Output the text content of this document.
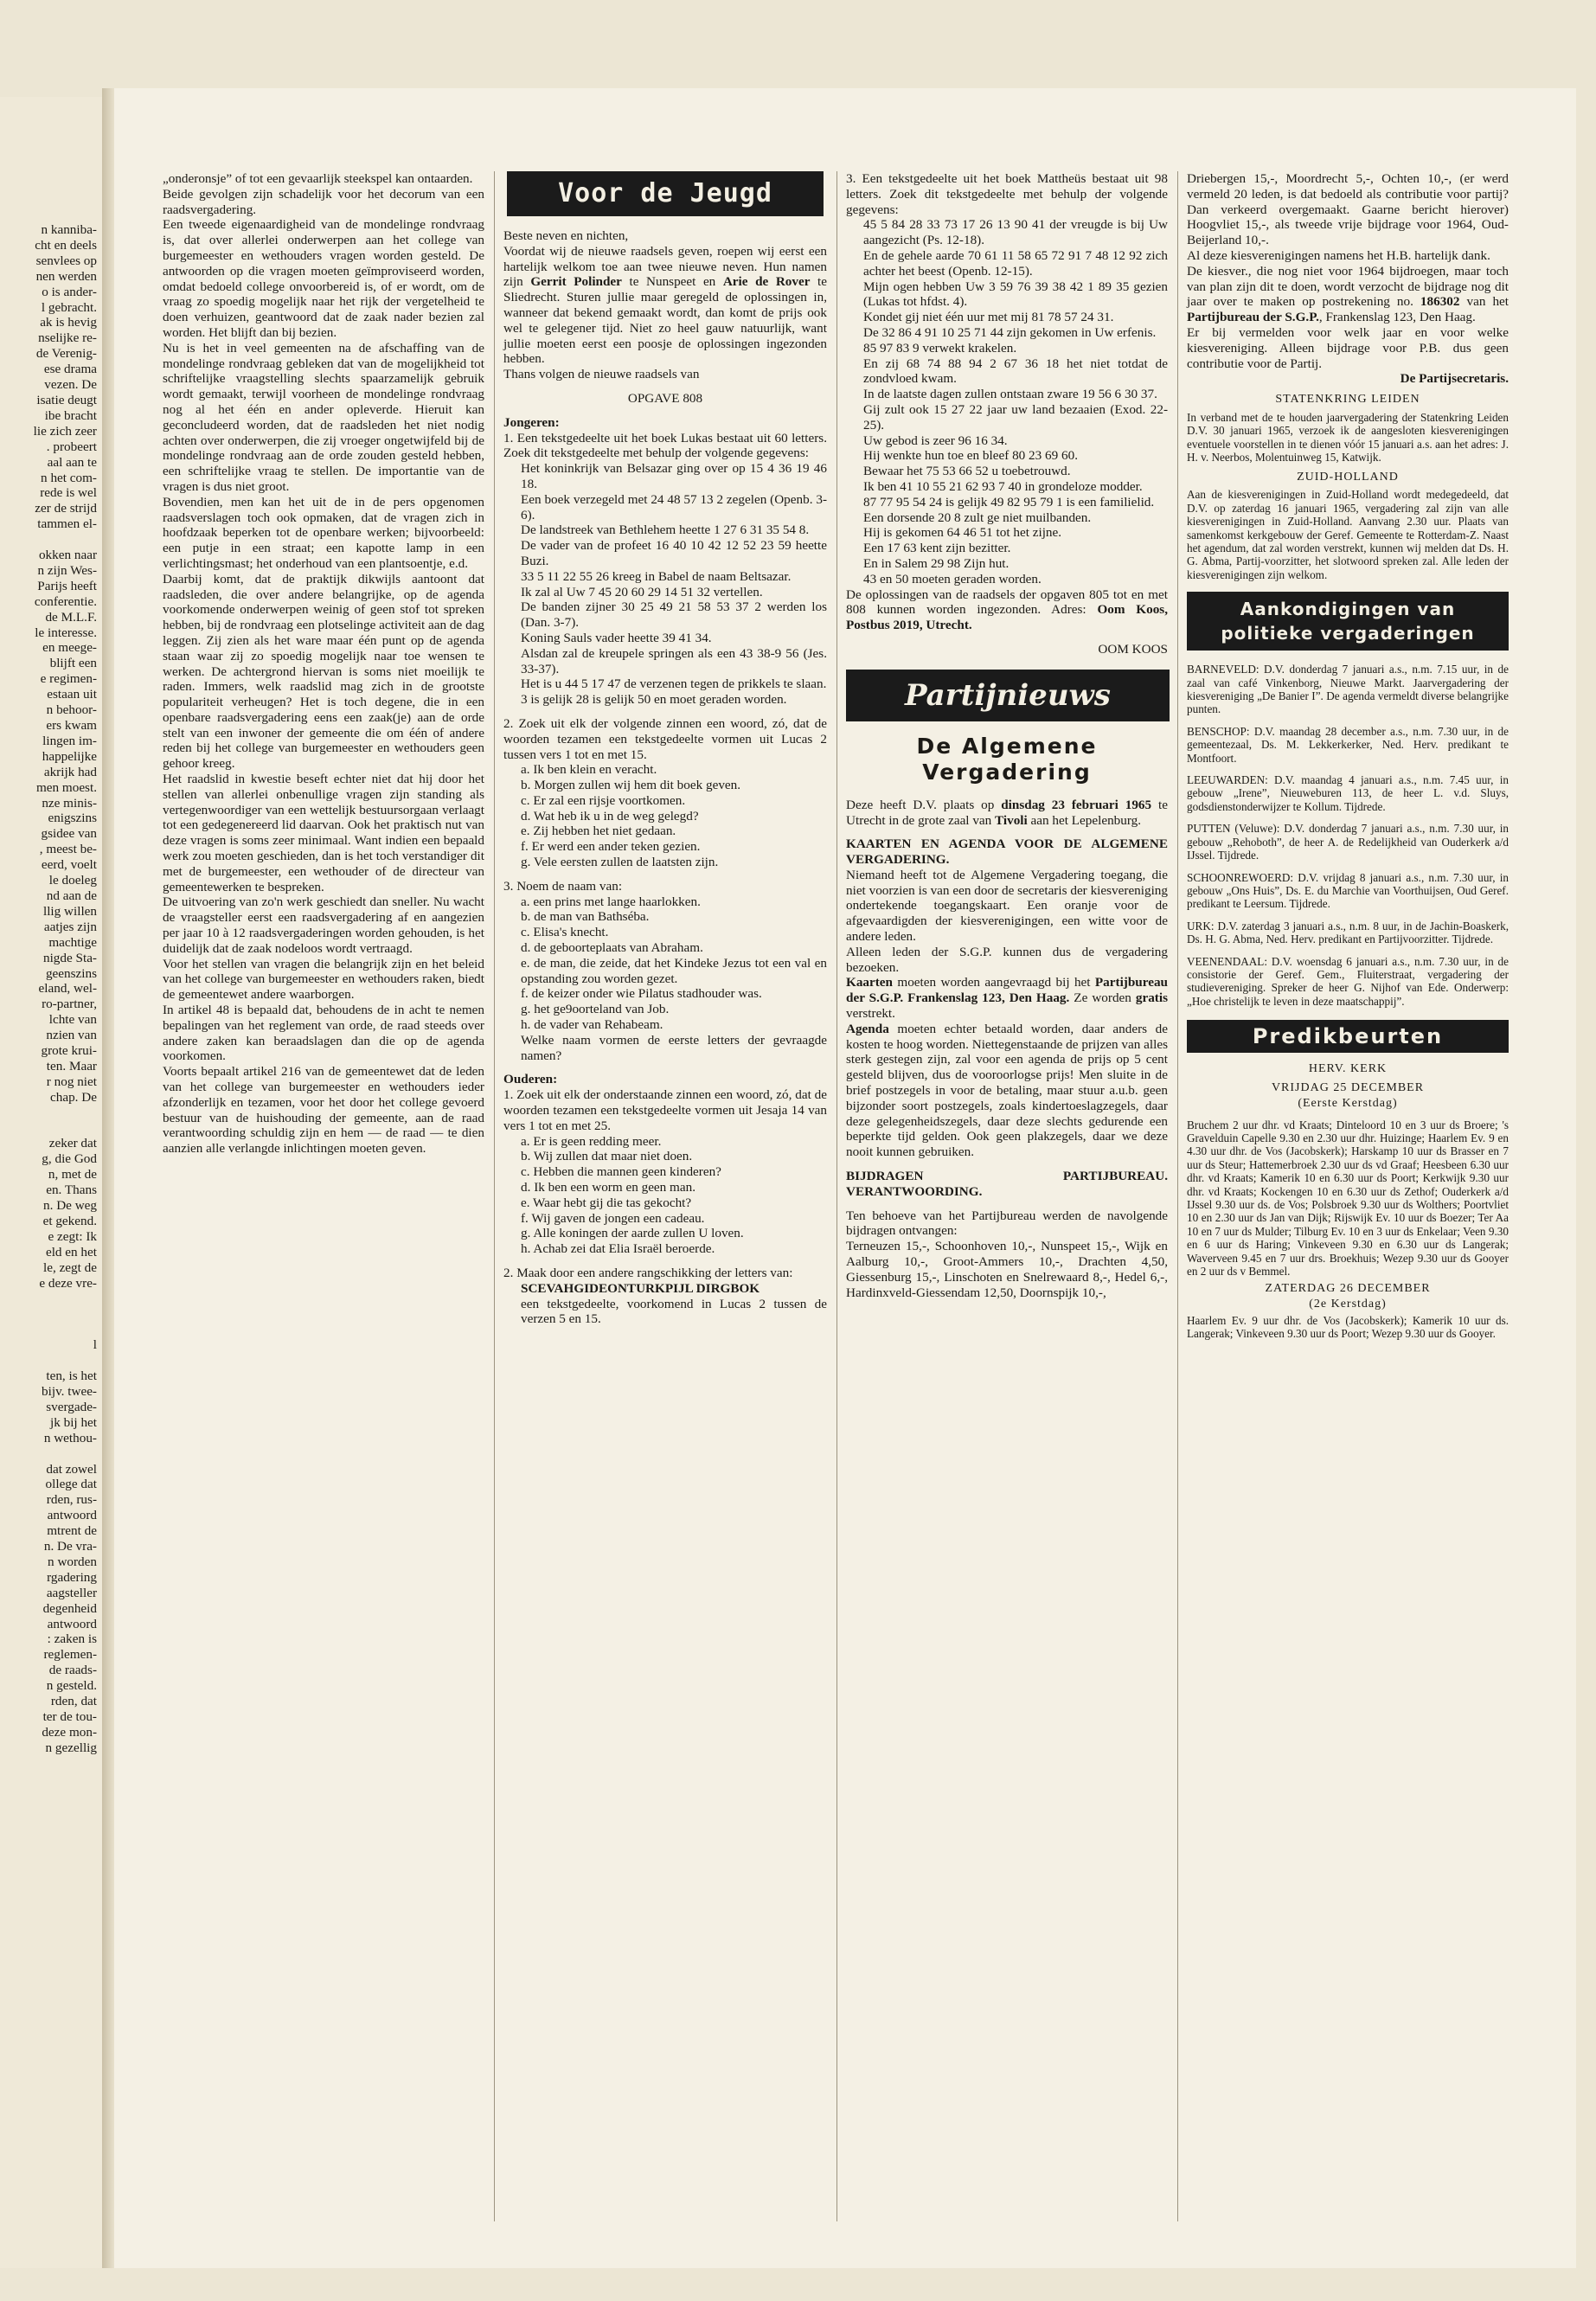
n kanniba-
cht en deels
senvlees op
nen werden
o is ander-
l gebracht.
ak is hevig
nselijke re-
de Verenig-
ese drama
vezen. De
isatie deugt
ibe bracht
lie zich zeer
. probeert
aal aan te
n het com-
rede is wel
zer de strijd
tammen el-

okken naar
n zijn Wes-
Parijs heeft
conferentie.
de M.L.F.
le interesse.
en meege-
blijft een
e regimen-
estaan uit
n behoor-
ers kwam
lingen im-
happelijke
akrijk had
men moest.
nze minis-
enigszins
gsidee van
, meest be-
eerd, voelt
le doeleg
nd aan de
llig willen
aatjes zijn
machtige
nigde Sta-
geenszins
eland, wel-
ro-partner,
lchte van
nzien van
grote krui-
ten. Maar
r nog niet
chap. De

zeker dat
g, die God
n, met de
en. Thans
n. De weg
et gekend.
e zegt: Ik
eld en het
le, zegt de
e deze vre-

l

ten, is het
bijv. twee-
svergade-
jk bij het
n wethou-

dat zowel
ollege dat
rden, rus-
antwoord
mtrent de
n. De vra-
n worden
rgadering
aagsteller
degenheid
antwoord
: zaken is
reglemen-
de raads-
n gesteld.
rden, dat
ter de tou-
deze mon-
n gezellig

„onderonsje” of tot een gevaarlijk steekspel kan ontaarden.

Beide gevolgen zijn schadelijk voor het decorum van een raadsvergadering.

Een tweede eigenaardigheid van de mondelinge rondvraag is, dat over allerlei onderwerpen aan het college van burgemeester en wethouders vragen worden gesteld. De antwoorden op die vragen moeten geïmproviseerd worden, omdat bedoeld college onvoorbereid is, of er wordt, om de vraag zo spoedig mogelijk naar het rijk der vergetelheid te doen verhuizen, geantwoord dat de zaak nader bezien zal worden. Het blijft dan bij bezien.

Nu is het in veel gemeenten na de afschaffing van de mondelinge rondvraag gebleken dat van de mogelijkheid tot schriftelijke vraagstelling slechts spaarzamelijk gebruik wordt gemaakt, terwijl voorheen de mondelinge rondvraag nog al het één en ander opleverde. Hieruit kan geconcludeerd worden, dat de raadsleden het niet nodig achten over onderwerpen, die zij vroeger ongetwijfeld bij de mondelinge rondvraag aan de orde zouden gesteld hebben, een schriftelijke vraag te stellen. De importantie van de vragen is dus niet groot.

Bovendien, men kan het uit de in de pers opgenomen raadsverslagen toch ook opmaken, dat de vragen zich in hoofdzaak beperken tot de openbare werken; bijvoorbeeld: een putje in een straat; een kapotte lamp in een verlichtingsmast; het onderhoud van een plantsoentje, e.d.

Daarbij komt, dat de praktijk dikwijls aantoont dat raadsleden, die over andere belangrijke, op de agenda voorkomende onderwerpen weinig of geen stof tot spreken hebben, bij de rondvraag een plotselinge activiteit aan de dag leggen. Zij zien als het ware maar één punt op de agenda staan waar zij zo spoedig mogelijk naar toe wensen te werken. De achtergrond hiervan is soms niet moeilijk te raden. Immers, welk raadslid mag zich in de grootste populariteit verheugen? Het is toch degene, die in een openbare raadsvergadering eens een zaak(je) aan de orde stelt van een inwoner der gemeente die om één of andere reden bij het college van burgemeester en wethouders geen gehoor kreeg.

Het raadslid in kwestie beseft echter niet dat hij door het stellen van allerlei onbenullige vragen zijn standing als vertegenwoordiger van een wettelijk bestuursorgaan verlaagt tot een gedegenereerd lid daarvan. Ook het praktisch nut van deze vragen is soms zeer minimaal. Want indien een bepaald werk zou moeten geschieden, dan is het toch verstandiger dit met de burgemeester, een wethouder of de directeur van gemeentewerken te bespreken.

De uitvoering van zo'n werk geschiedt dan sneller. Nu wacht de vraagsteller eerst een raadsvergadering af en aangezien per jaar 10 à 12 raadsvergaderingen worden gehouden, is het duidelijk dat de zaak nodeloos wordt vertraagd.

Voor het stellen van vragen die belangrijk zijn en het beleid van het college van burgemeester en wethouders raken, biedt de gemeentewet andere waarborgen.

In artikel 48 is bepaald dat, behoudens de in acht te nemen bepalingen van het reglement van orde, de raad steeds over andere zaken kan beraadslagen dan die op de agenda voorkomen.

Voorts bepaalt artikel 216 van de gemeentewet dat de leden van het college van burgemeester en wethouders ieder afzonderlijk en tezamen, voor het door het college gevoerd bestuur van de huishouding der gemeente, aan de raad verantwoording schuldig zijn en hem — de raad — te dien aanzien alle verlangde inlichtingen moeten geven.

Voor de Jeugd

Beste neven en nichten,

Voordat wij de nieuwe raadsels geven, roepen wij eerst een hartelijk welkom toe aan twee nieuwe neven. Hun namen zijn Gerrit Polinder te Nunspeet en Arie de Rover te Sliedrecht. Sturen jullie maar geregeld de oplossingen in, wanneer dat bekend gemaakt wordt, dan komt de prijs ook wel te gelegener tijd. Niet zo heel gauw natuurlijk, want jullie moeten eerst een poosje de oplossingen ingezonden hebben.

Thans volgen de nieuwe raadsels van

OPGAVE 808

Jongeren:

1. Een tekstgedeelte uit het boek Lukas bestaat uit 60 letters. Zoek dit tekstgedeelte met behulp der volgende gegevens:

Het koninkrijk van Belsazar ging over op 15 4 36 19 46 18.

Een boek verzegeld met 24 48 57 13 2 zegelen (Openb. 3-6).

De landstreek van Bethlehem heette 1 27 6 31 35 54 8.

De vader van de profeet 16 40 10 42 12 52 23 59 heette Buzi.

33 5 11 22 55 26 kreeg in Babel de naam Beltsazar.

Ik zal al Uw 7 45 20 60 29 14 51 32 vertellen.

De banden zijner 30 25 49 21 58 53 37 2 werden los (Dan. 3-7).

Koning Sauls vader heette 39 41 34.

Alsdan zal de kreupele springen als een 43 38-9 56 (Jes. 33-37).

Het is u 44 5 17 47 de verzenen tegen de prikkels te slaan.

3 is gelijk 28 is gelijk 50 en moet geraden worden.

2. Zoek uit elk der volgende zinnen een woord, zó, dat de woorden tezamen een tekstgedeelte vormen uit Lucas 2 tussen vers 1 tot en met 15.

a. Ik ben klein en veracht.

b. Morgen zullen wij hem dit boek geven.

c. Er zal een rijsje voortkomen.

d. Wat heb ik u in de weg gelegd?

e. Zij hebben het niet gedaan.

f. Er werd een ander teken gezien.

g. Vele eersten zullen de laatsten zijn.

3. Noem de naam van:

a. een prins met lange haarlokken.

b. de man van Bathséba.

c. Elisa's knecht.

d. de geboorteplaats van Abraham.

e. de man, die zeide, dat het Kindeke Jezus tot een val en opstanding zou worden gezet.

f. de keizer onder wie Pilatus stadhouder was.

g. het ge9oorteland van Job.

h. de vader van Rehabeam.

Welke naam vormen de eerste letters der gevraagde namen?

Ouderen:

1. Zoek uit elk der onderstaande zinnen een woord, zó, dat de woorden tezamen een tekstgedeelte vormen uit Jesaja 14 van vers 1 tot en met 25.

a. Er is geen redding meer.

b. Wij zullen dat maar niet doen.

c. Hebben die mannen geen kinderen?

d. Ik ben een worm en geen man.

e. Waar hebt gij die tas gekocht?

f. Wij gaven de jongen een cadeau.

g. Alle koningen der aarde zullen U loven.

h. Achab zei dat Elia Israël beroerde.

2. Maak door een andere rangschikking der letters van:

SCEVAHGIDEONTURKPIJL DIRGBOK

een tekstgedeelte, voorkomend in Lucas 2 tussen de verzen 5 en 15.

3. Een tekstgedeelte uit het boek Mattheüs bestaat uit 98 letters. Zoek dit tekstgedeelte met behulp der volgende gegevens:

45 5 84 28 33 73 17 26 13 90 41 der vreugde is bij Uw aangezicht (Ps. 12-18).

En de gehele aarde 70 61 11 58 65 72 91 7 48 12 92 zich achter het beest (Openb. 12-15).

Mijn ogen hebben Uw 3 59 76 39 38 42 1 89 35 gezien (Lukas tot hfdst. 4).

Kondet gij niet één uur met mij 81 78 57 24 31.

De 32 86 4 91 10 25 71 44 zijn gekomen in Uw erfenis.

85 97 83 9 verwekt krakelen.

En zij 68 74 88 94 2 67 36 18 het niet totdat de zondvloed kwam.

In de laatste dagen zullen ontstaan zware 19 56 6 30 37.

Gij zult ook 15 27 22 jaar uw land bezaaien (Exod. 22-25).

Uw gebod is zeer 96 16 34.

Hij wenkte hun toe en bleef 80 23 69 60.

Bewaar het 75 53 66 52 u toebetrouwd.

Ik ben 41 10 55 21 62 93 7 40 in grondeloze modder.

87 77 95 54 24 is gelijk 49 82 95 79 1 is een familielid.

Een dorsende 20 8 zult ge niet muilbanden.

Hij is gekomen 64 46 51 tot het zijne.

Een 17 63 kent zijn bezitter.

En in Salem 29 98 Zijn hut.

43 en 50 moeten geraden worden.

De oplossingen van de raadsels der opgaven 805 tot en met 808 kunnen worden ingezonden. Adres: Oom Koos, Postbus 2019, Utrecht.

OOM KOOS

Partijnieuws
De Algemene Vergadering

Deze heeft D.V. plaats op dinsdag 23 februari 1965 te Utrecht in de grote zaal van Tivoli aan het Lepelenburg.

KAARTEN EN AGENDA VOOR DE ALGEMENE VERGADERING.

Niemand heeft tot de Algemene Vergadering toegang, die niet voorzien is van een door de secretaris der kiesvereniging ondertekende toegangskaart. Een oranje voor de afgevaardigden der kiesverenigingen, een witte voor de andere leden.

Alleen leden der S.G.P. kunnen dus de vergadering bezoeken.

Kaarten moeten worden aangevraagd bij het Partijbureau der S.G.P. Frankenslag 123, Den Haag. Ze worden gratis verstrekt.

Agenda moeten echter betaald worden, daar anders de kosten te hoog worden. Niettegenstaande de prijzen van alles sterk gestegen zijn, zal voor een agenda de prijs op 5 cent gesteld blijven, dus de vooroorlogse prijs! Men sluite in de brief postzegels in voor de betaling, maar stuur a.u.b. geen bijzonder soort postzegels, zoals kindertoeslagzegels, daar deze gelegenheidszegels, daar deze slechts gedurende een beperkte tijd gelden. Ook geen plakzegels, daar we deze nooit kunnen gebruiken.

BIJDRAGEN PARTIJBUREAU. VERANTWOORDING.

Ten behoeve van het Partijbureau werden de navolgende bijdragen ontvangen:

Terneuzen 15,-, Schoonhoven 10,-, Nunspeet 15,-, Wijk en Aalburg 10,-, Groot-Ammers 10,-, Drachten 4,50, Giessenburg 15,-, Linschoten en Snelrewaard 8,-, Hedel 6,-, Hardinxveld-Giessendam 12,50, Doornspijk 10,-,

Driebergen 15,-, Moordrecht 5,-, Ochten 10,-, (er werd vermeld 20 leden, is dat bedoeld als contributie voor partij? Dan verkeerd overgemaakt. Gaarne bericht hierover) Hoogvliet 15,-, als tweede vrije bijdrage voor 1964, Oud-Beijerland 10,-.

Al deze kiesverenigingen namens het H.B. hartelijk dank.

De kiesver., die nog niet voor 1964 bijdroegen, maar toch van plan zijn dit te doen, wordt verzocht de bijdrage nog dit jaar over te maken op postrekening no. 186302 van het Partijbureau der S.G.P., Frankenslag 123, Den Haag.

Er bij vermelden voor welk jaar en voor welke kiesvereniging. Alleen bijdrage voor P.B. dus geen contributie voor de Partij.

De Partijsecretaris.

STATENKRING LEIDEN

In verband met de te houden jaarvergadering der Statenkring Leiden D.V. 30 januari 1965, verzoek ik de aangesloten kiesverenigingen eventuele voorstellen in te dienen vóór 15 januari a.s. aan het adres: J. H. v. Neerbos, Molentuinweg 15, Katwijk.

ZUID-HOLLAND

Aan de kiesverenigingen in Zuid-Holland wordt medegedeeld, dat D.V. op zaterdag 16 januari 1965, vergadering zal zijn van alle kiesverenigingen in Zuid-Holland. Aanvang 2.30 uur. Plaats van samenkomst kerkgebouw der Geref. Gemeente te Rotterdam-Z. Naast het agendum, dat zal worden verstrekt, kunnen wij melden dat Ds. H. G. Abma, Partij-voorzitter, het slotwoord spreken zal. Alle leden der kiesverenigingen zijn welkom.

Aankondigingen van
politieke vergaderingen

BARNEVELD: D.V. donderdag 7 januari a.s., n.m. 7.15 uur, in de zaal van café Vinkenborg, Nieuwe Markt. Jaarvergadering der kiesvereniging „De Banier I”. De agenda vermeldt diverse belangrijke punten.

BENSCHOP: D.V. maandag 28 december a.s., n.m. 7.30 uur, in de gemeentezaal, Ds. M. Lekkerkerker, Ned. Herv. predikant te Montfoort.

LEEUWARDEN: D.V. maandag 4 januari a.s., n.m. 7.45 uur, in gebouw „Irene”, Nieuweburen 113, de heer L. v.d. Sluys, godsdienstonderwijzer te Kollum. Tijdrede.

PUTTEN (Veluwe): D.V. donderdag 7 januari a.s., n.m. 7.30 uur, in gebouw „Rehoboth”, de heer A. de Redelijkheid van Ouderkerk a/d IJssel. Tijdrede.

SCHOONREWOERD: D.V. vrijdag 8 januari a.s., n.m. 7.30 uur, in gebouw „Ons Huis”, Ds. E. du Marchie van Voorthuijsen, Oud Geref. predikant te Leersum. Tijdrede.

URK: D.V. zaterdag 3 januari a.s., n.m. 8 uur, in de Jachin-Boaskerk, Ds. H. G. Abma, Ned. Herv. predikant en Partijvoorzitter. Tijdrede.

VEENENDAAL: D.V. woensdag 6 januari a.s., n.m. 7.30 uur, in de consistorie der Geref. Gem., Fluiterstraat, vergadering der studievereniging. Spreker de heer G. Nijhof van Ede. Onderwerp: „Hoe christelijk te leven in deze maatschappij”.

Predikbeurten
HERV. KERK
VRIJDAG 25 DECEMBER
(Eerste Kerstdag)

Bruchem 2 uur dhr. vd Kraats; Dinteloord 10 en 3 uur ds Broere; 's Gravelduin Capelle 9.30 en 2.30 uur dhr. Huizinge; Haarlem Ev. 9 en 4.30 uur dhr. de Vos (Jacobskerk); Harskamp 10 uur ds Brasser en 7 uur ds Steur; Hattemerbroek 2.30 uur ds vd Graaf; Heesbeen 6.30 uur dhr. vd Kraats; Kamerik 10 en 6.30 uur ds Poort; Kerkwijk 9.30 uur dhr. vd Kraats; Kockengen 10 en 6.30 uur ds Zethof; Ouderkerk a/d IJssel 9.30 uur ds. de Vos; Polsbroek 9.30 uur ds Wolthers; Poortvliet 10 en 2.30 uur ds Jan van Dijk; Rijswijk Ev. 10 uur ds Boezer; Ter Aa 10 en 7 uur ds Mulder; Tilburg Ev. 10 en 3 uur ds Enkelaar; Veen 9.30 en 6 uur ds Haring; Vinkeveen 9.30 en 6.30 uur ds Langerak; Waverveen 9.45 en 7 uur drs. Broekhuis; Wezep 9.30 uur ds Gooyer en 2 uur ds v Bemmel.

ZATERDAG 26 DECEMBER
(2e Kerstdag)

Haarlem Ev. 9 uur dhr. de Vos (Jacobskerk); Kamerik 10 uur ds. Langerak; Vinkeveen 9.30 uur ds Poort; Wezep 9.30 uur ds Gooyer.
